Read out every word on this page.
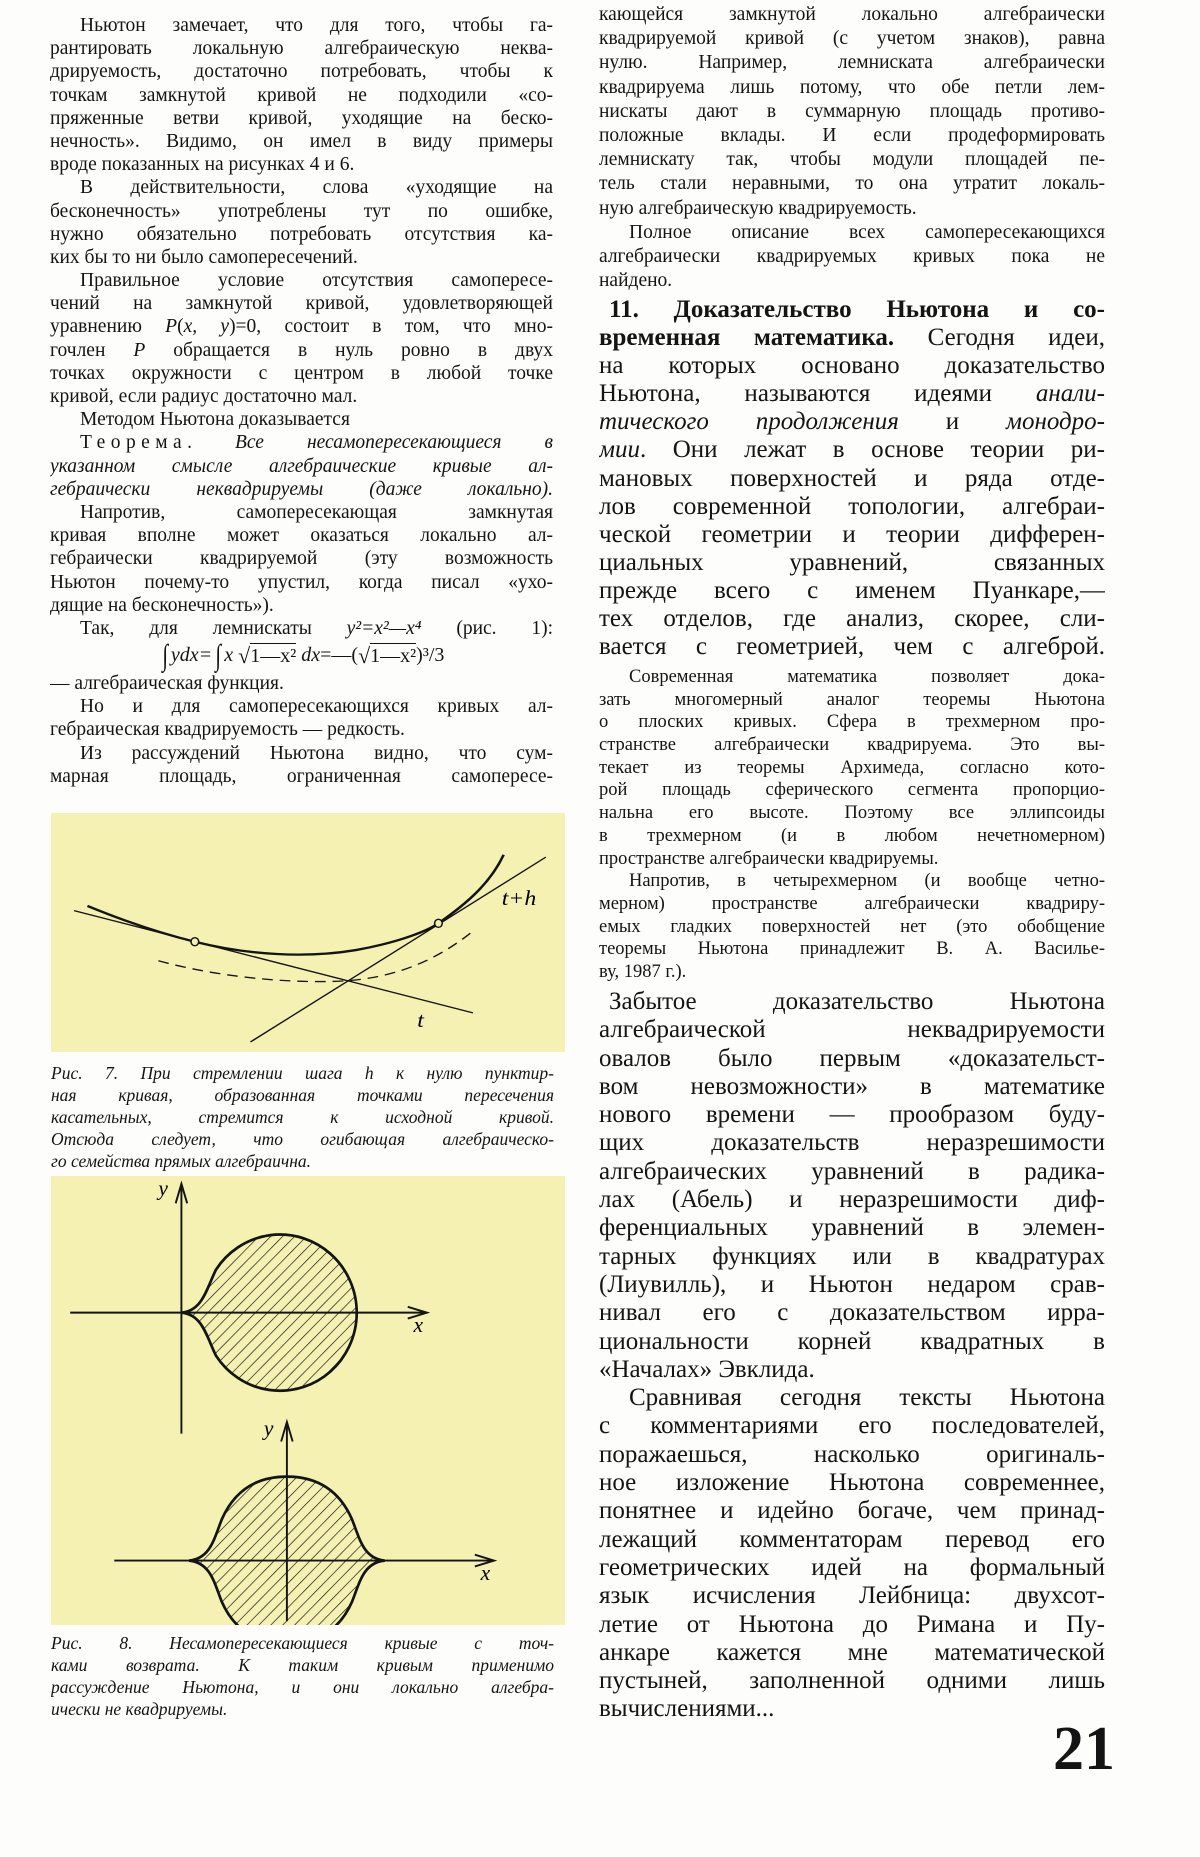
Ньютон замечает, что для того, чтобы га-
рантировать локальную алгебраическую неква-
дрируемость, достаточно потребовать, чтобы к
точкам замкнутой кривой не подходили «со-
пряженные ветви кривой, уходящие на беско-
нечность». Видимо, он имел в виду примеры
вроде показанных на рисунках 4 и 6.
В действительности, слова «уходящие на
бесконечность» употреблены тут по ошибке,
нужно обязательно потребовать отсутствия ка-
ких бы то ни было самопересечений.
Правильное условие отсутствия самопересе-
чений на замкнутой кривой, удовлетворяющей
уравнению P(x, y)=0, состоит в том, что мно-
гочлен P обращается в нуль ровно в двух
точках окружности с центром в любой точке
кривой, если радиус достаточно мал.
Методом Ньютона доказывается
Теорема. Все несамопересекающиеся в
указанном смысле алгебраические кривые ал-
гебраически неквадрируемы (даже локально).
Напротив, самопересекающая замкнутая
кривая вполне может оказаться локально ал-
гебраически квадрируемой (эту возможность
Ньютон почему-то упустил, когда писал «ухо-
дящие на бесконечность»).
Так, для лемнискаты y²=x²—x⁴ (рис. 1):
∫ ydx= ∫ x
√ 1—x²
dx =—( √ 1—x² )³/3
— алгебраическая функция.
Но и для самопересекающихся кривых ал-
гебраическая квадрируемость — редкость.
Из рассуждений Ньютона видно, что сум-
марная площадь, ограниченная самопересе-
t+h
t
Рис. 7. При стремлении шага h к нулю пунктир-
ная кривая, образованная точками пересечения
касательных, стремится к исходной кривой.
Отсюда следует, что огибающая алгебраическо-
го семейства прямых алгебраична.
y
x
y
x
Рис. 8. Несамопересекающиеся кривые с точ-
ками возврата. К таким кривым применимо
рассуждение Ньютона, и они локально алгебра-
ически не квадрируемы.
кающейся замкнутой локально алгебраически
квадрируемой кривой (с учетом знаков), равна
нулю. Например, лемниската алгебраически
квадрируема лишь потому, что обе петли лем-
нискаты дают в суммарную площадь противо-
положные вклады. И если продеформировать
лемнискату так, чтобы модули площадей пе-
тель стали неравными, то она утратит локаль-
ную алгебраическую квадрируемость.
Полное описание всех самопересекающихся
алгебраически квадрируемых кривых пока не
найдено.
11. Доказательство Ньютона и со-
временная математика. Сегодня идеи,
на которых основано доказательство
Ньютона, называются идеями анали-
тического продолжения и монодро-
мии. Они лежат в основе теории ри-
мановых поверхностей и ряда отде-
лов современной топологии, алгебраи-
ческой геометрии и теории дифферен-
циальных уравнений, связанных
прежде всего с именем Пуанкаре,—
тех отделов, где анализ, скорее, сли-
вается с геометрией, чем с алгеброй.
Современная математика позволяет дока-
зать многомерный аналог теоремы Ньютона
о плоских кривых. Сфера в трехмерном про-
странстве алгебраически квадрируема. Это вы-
текает из теоремы Архимеда, согласно кото-
рой площадь сферического сегмента пропорцио-
нальна его высоте. Поэтому все эллипсоиды
в трехмерном (и в любом нечетномерном)
пространстве алгебраически квадрируемы.
Напротив, в четырехмерном (и вообще четно-
мерном) пространстве алгебраически квадриру-
емых гладких поверхностей нет (это обобщение
теоремы Ньютона принадлежит В. А. Василье-
ву, 1987 г.).
Забытое доказательство Ньютона
алгебраической неквадрируемости
овалов было первым «доказательст-
вом невозможности» в математике
нового времени — прообразом буду-
щих доказательств неразрешимости
алгебраических уравнений в радика-
лах (Абель) и неразрешимости диф-
ференциальных уравнений в элемен-
тарных функциях или в квадратурах
(Лиувилль), и Ньютон недаром срав-
нивал его с доказательством ирра-
циональности корней квадратных в
«Началах» Эвклида.
Сравнивая сегодня тексты Ньютона
с комментариями его последователей,
поражаешься, насколько оригиналь-
ное изложение Ньютона современнее,
понятнее и идейно богаче, чем принад-
лежащий комментаторам перевод его
геометрических идей на формальный
язык исчисления Лейбница: двухсот-
летие от Ньютона до Римана и Пу-
анкаре кажется мне математической
пустыней, заполненной одними лишь
вычислениями...
21
